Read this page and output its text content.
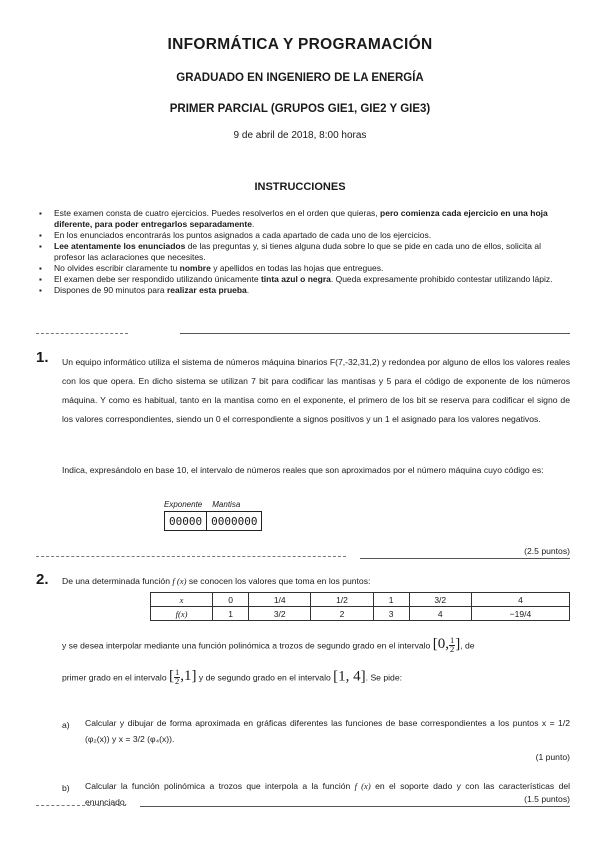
INFORMÁTICA Y PROGRAMACIÓN
GRADUADO EN INGENIERO DE LA ENERGÍA
PRIMER PARCIAL (GRUPOS GIE1, GIE2 Y GIE3)
9 de abril de 2018, 8:00 horas
INSTRUCCIONES
▪ Este examen consta de cuatro ejercicios. Puedes resolverlos en el orden que quieras, pero comienza cada ejercicio en una hoja diferente, para poder entregarlos separadamente.
▪ En los enunciados encontrarás los puntos asignados a cada apartado de cada uno de los ejercicios.
▪ Lee atentamente los enunciados de las preguntas y, si tienes alguna duda sobre lo que se pide en cada uno de ellos, solicita al profesor las aclaraciones que necesites.
▪ No olvides escribir claramente tu nombre y apellidos en todas las hojas que entregues.
▪ El examen debe ser respondido utilizando únicamente tinta azul o negra. Queda expresamente prohibido contestar utilizando lápiz.
▪ Dispones de 90 minutos para realizar esta prueba.
1. Un equipo informático utiliza el sistema de números máquina binarios F(7,-32,31,2) y redondea por alguno de ellos los valores reales con los que opera. En dicho sistema se utilizan 7 bit para codificar las mantisas y 5 para el código de exponente de los números máquina. Y como es habitual, tanto en la mantisa como en el exponente, el primero de los bit se reserva para codificar el signo de los valores correspondientes, siendo un 0 el correspondiente a signos positivos y un 1 el asignado para los valores negativos.
Indica, expresándolo en base 10, el intervalo de números reales que son aproximados por el número máquina cuyo código es:
Exponente Mantisa
00000 0000000
(2.5 puntos)
2. De una determinada función f (x) se conocen los valores que toma en los puntos:
x	0	1/4	1/2	1	3/2	4
f(x)	1	3/2	2	3	4	−19/4
y se desea interpolar mediante una función polinómica a trozos de segundo grado en el intervalo $[0,\frac{1}{2}]$, de
primer grado en el intervalo $[\frac{1}{2},1]$ y de segundo grado en el intervalo [1, 4]. Se pide:
a) Calcular y dibujar de forma aproximada en gráficas diferentes las funciones de base correspondientes a los puntos x = 1/2 (φ₂(x)) y x = 3/2 (φ₄(x)).
(1 punto)
b) Calcular la función polinómica a trozos que interpola a la función f (x) en el soporte dado y con las características del enunciado.	(1.5 puntos)
